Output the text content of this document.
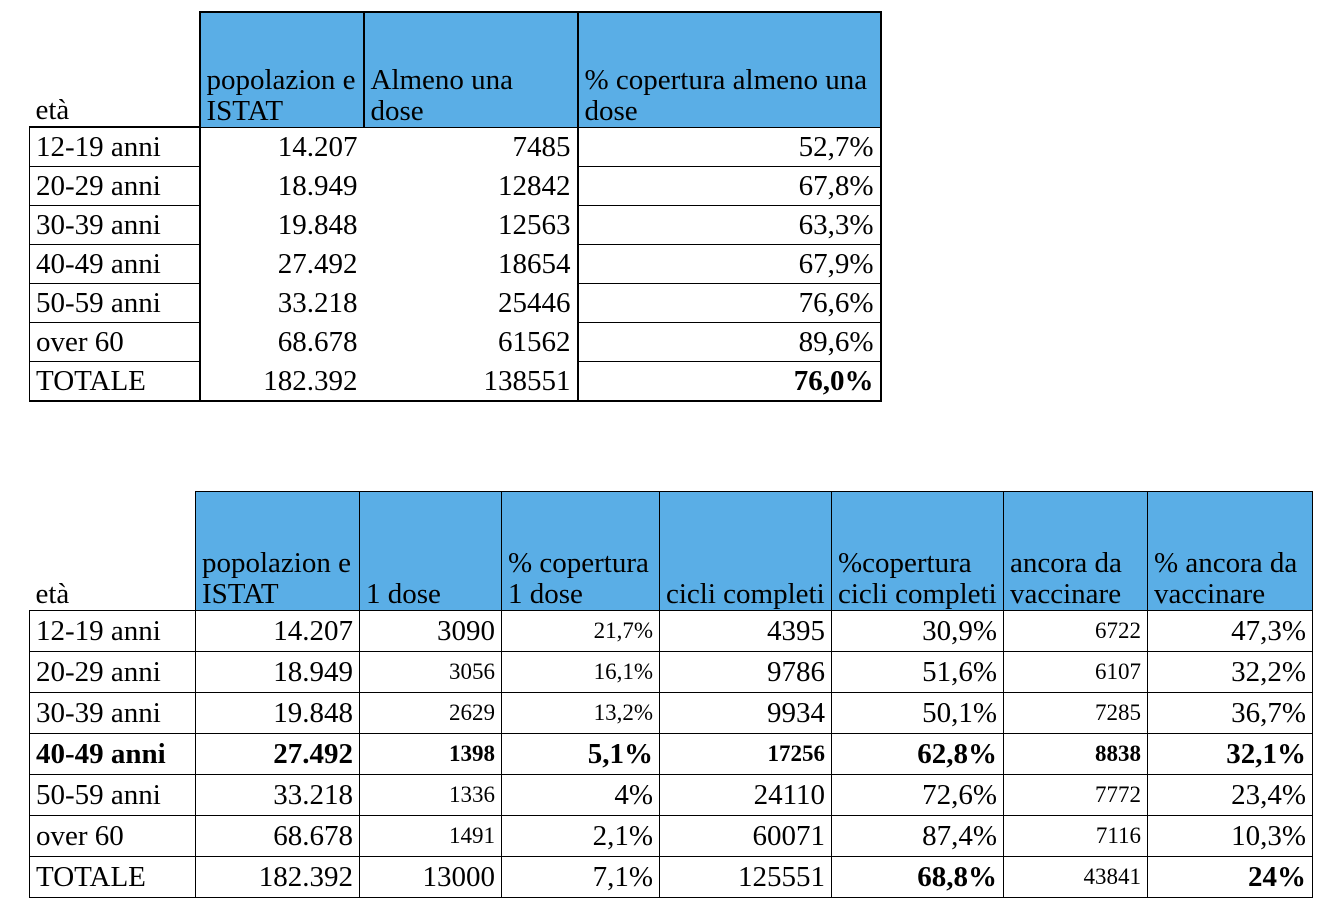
età	popolazion e ISTAT	Almeno una dose	% copertura almeno una dose
12-19 anni	14.207	7485	52,7%
20-29 anni	18.949	12842	67,8%
30-39 anni	19.848	12563	63,3%
40-49 anni	27.492	18654	67,9%
50-59 anni	33.218	25446	76,6%
over 60	68.678	61562	89,6%
TOTALE	182.392	138551	76,0%
età	popolazion e ISTAT	1 dose	% copertura 1 dose	cicli completi	%copertura cicli completi	ancora da vaccinare	% ancora da vaccinare
12-19 anni	14.207	3090	21,7%	4395	30,9%	6722	47,3%
20-29 anni	18.949	3056	16,1%	9786	51,6%	6107	32,2%
30-39 anni	19.848	2629	13,2%	9934	50,1%	7285	36,7%
40-49 anni	27.492	1398	5,1%	17256	62,8%	8838	32,1%
50-59 anni	33.218	1336	4%	24110	72,6%	7772	23,4%
over 60	68.678	1491	2,1%	60071	87,4%	7116	10,3%
TOTALE	182.392	13000	7,1%	125551	68,8%	43841	24%
